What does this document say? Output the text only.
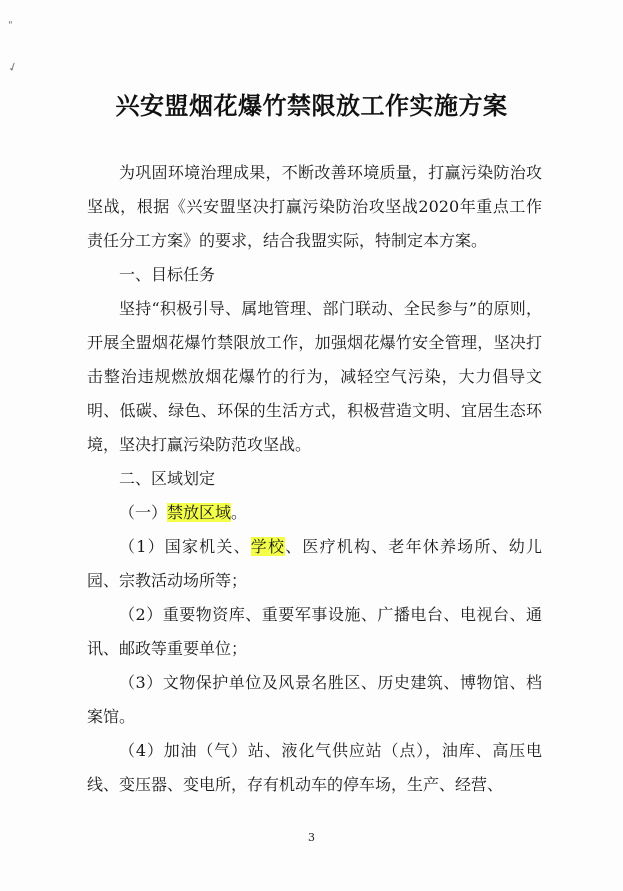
"
✓
兴安盟烟花爆竹禁限放工作实施方案

为巩固环境治理成果，不断改善环境质量，打赢污染防治攻坚战，根据《兴安盟坚决打赢污染防治攻坚战2020年重点工作责任分工方案》的要求，结合我盟实际，特制定本方案。

一、目标任务

坚持“积极引导、属地管理、部门联动、全民参与”的原则，开展全盟烟花爆竹禁限放工作，加强烟花爆竹安全管理，坚决打击整治违规燃放烟花爆竹的行为，减轻空气污染，大力倡导文明、低碳、绿色、环保的生活方式，积极营造文明、宜居生态环境，坚决打赢污染防范攻坚战。

二、区域划定

（一）禁放区域。

（1）国家机关、学校、医疗机构、老年休养场所、幼儿园、宗教活动场所等；

（2）重要物资库、重要军事设施、广播电台、电视台、通讯、邮政等重要单位；

（3）文物保护单位及风景名胜区、历史建筑、博物馆、档案馆。

（4）加油（气）站、液化气供应站（点），油库、高压电线、变压器、变电所，存有机动车的停车场，生产、经营、

3
